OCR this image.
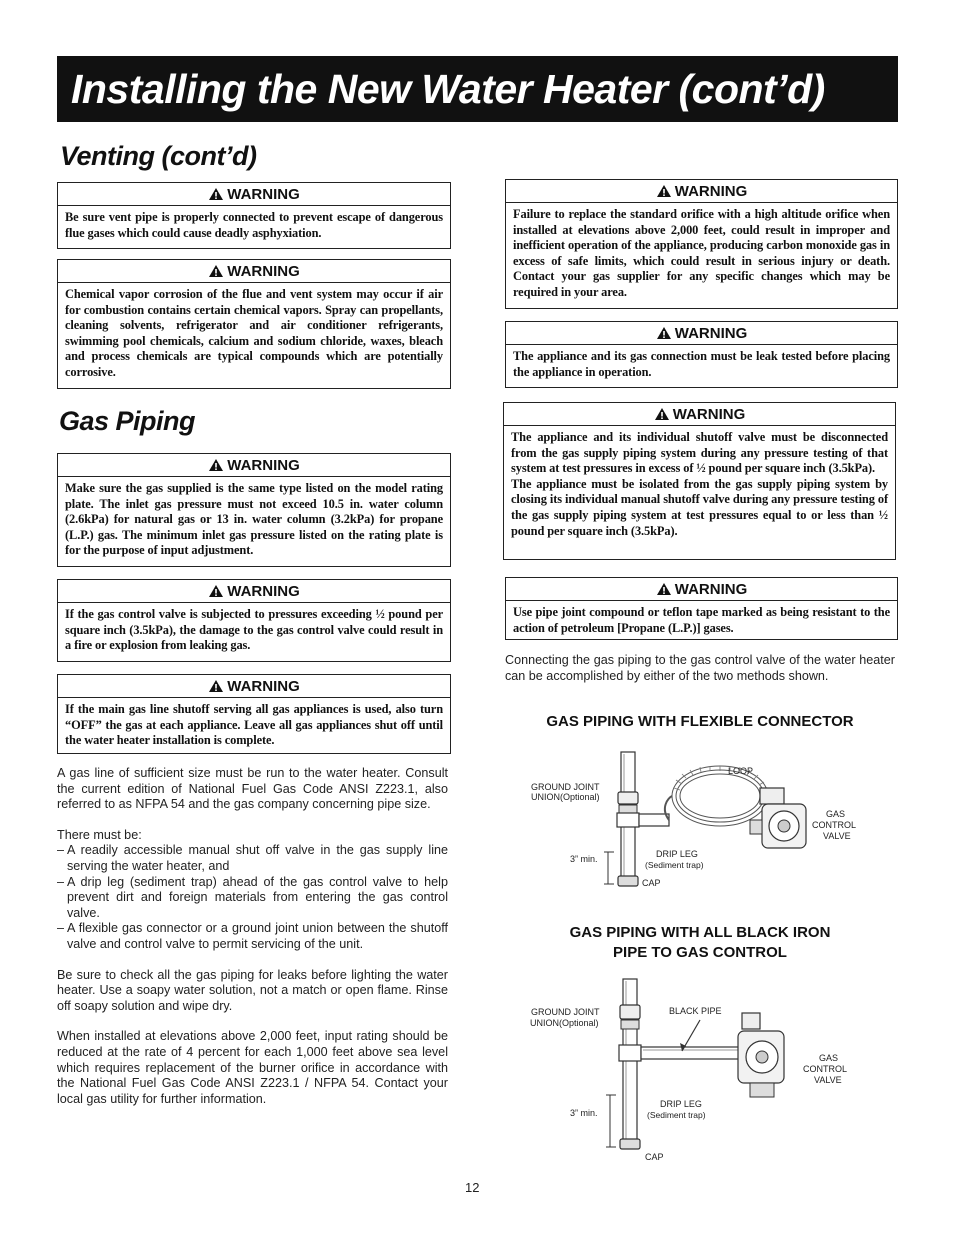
Installing the New Water Heater (cont’d)
Venting (cont’d)
Gas Piping
WARNING
Be sure vent pipe is properly connected to prevent escape of dangerous flue gases which could cause deadly asphyxiation.
WARNING
Chemical vapor corrosion of the flue and vent system may occur if air for combustion contains certain chemical vapors. Spray can propellants, cleaning solvents, refrigerator and air conditioner refrigerants, swimming pool chemicals, calcium and sodium chloride, waxes, bleach and process chemicals are typical compounds which are potentially corrosive.
WARNING
Make sure the gas supplied is the same type listed on the model rating plate. The inlet gas pressure must not exceed 10.5 in. water column (2.6kPa) for natural gas or 13 in. water column (3.2kPa) for propane (L.P.) gas. The minimum inlet gas pressure listed on the rating plate is for the purpose of input adjustment.
WARNING
If the gas control valve is subjected to pressures exceeding ½ pound per square inch (3.5kPa), the damage to the gas control valve could result in a fire or explosion from leaking gas.
WARNING
If the main gas line shutoff serving all gas appliances is used, also turn “OFF” the gas at each appliance. Leave all gas appliances shut off until the water heater installation is complete.

A gas line of sufficient size must be run to the water heater. Consult the current edition of National Fuel Gas Code ANSI Z223.1, also referred to as NFPA 54 and the gas company concerning pipe size.

There must be:
– A readily accessible manual shut off valve in the gas supply line serving the water heater, and
– A drip leg (sediment trap) ahead of the gas control valve to help prevent dirt and foreign materials from entering the gas control valve.
– A flexible gas connector or a ground joint union between the shutoff valve and control valve to permit servicing of the unit.

Be sure to check all the gas piping for leaks before lighting the water heater. Use a soapy water solution, not a match or open flame. Rinse off soapy solution and wipe dry.

When installed at elevations above 2,000 feet, input rating should be reduced at the rate of 4 percent for each 1,000 feet above sea level which requires replacement of the burner orifice in accordance with the National Fuel Gas Code ANSI Z223.1 / NFPA 54. Contact your local gas utility for further information.

WARNING
Failure to replace the standard orifice with a high altitude orifice when installed at elevations above 2,000 feet, could result in improper and inefficient operation of the appliance, producing carbon monoxide gas in excess of safe limits, which could result in serious injury or death. Contact your gas supplier for any specific changes which may be required in your area.
WARNING
The appliance and its gas connection must be leak tested before placing the appliance in operation.
WARNING
The appliance and its individual shutoff valve must be disconnected from the gas supply piping system during any pressure testing of that system at test pressures in excess of ½ pound per square inch (3.5kPa).
The appliance must be isolated from the gas supply piping system by closing its individual manual shutoff valve during any pressure testing of the gas supply piping system at test pressures equal to or less than ½ pound per square inch (3.5kPa).
WARNING
Use pipe joint compound or teflon tape marked as being resistant to the action of petroleum [Propane (L.P.)] gases.
Connecting the gas piping to the gas control valve of the water heater can be accomplished by either of the two methods shown.
GAS PIPING WITH FLEXIBLE CONNECTOR
LOOP
GROUND JOINT
UNION(Optional)
GAS
CONTROL
VALVE
DRIP LEG
(Sediment trap)
3” min.
CAP
GAS PIPING WITH ALL BLACK IRON
PIPE TO GAS CONTROL
BLACK PIPE
GROUND JOINT
UNION(Optional)
GAS
CONTROL
VALVE
DRIP LEG
(Sediment trap)
3” min.
CAP
12
